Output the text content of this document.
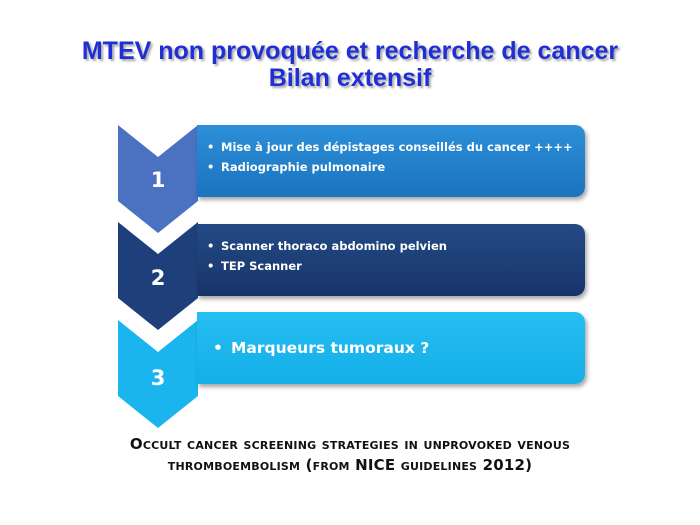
MTEV non provoquée et recherche de cancer
Bilan extensif
1
• Mise à jour des dépistages conseillés du cancer ++++
• Radiographie pulmonaire
2
• Scanner thoraco abdomino pelvien
• TEP Scanner
3
• Marqueurs tumoraux ?
Occult cancer screening strategies in unprovoked venous
thromboembolism (from NICE guidelines 2012)
